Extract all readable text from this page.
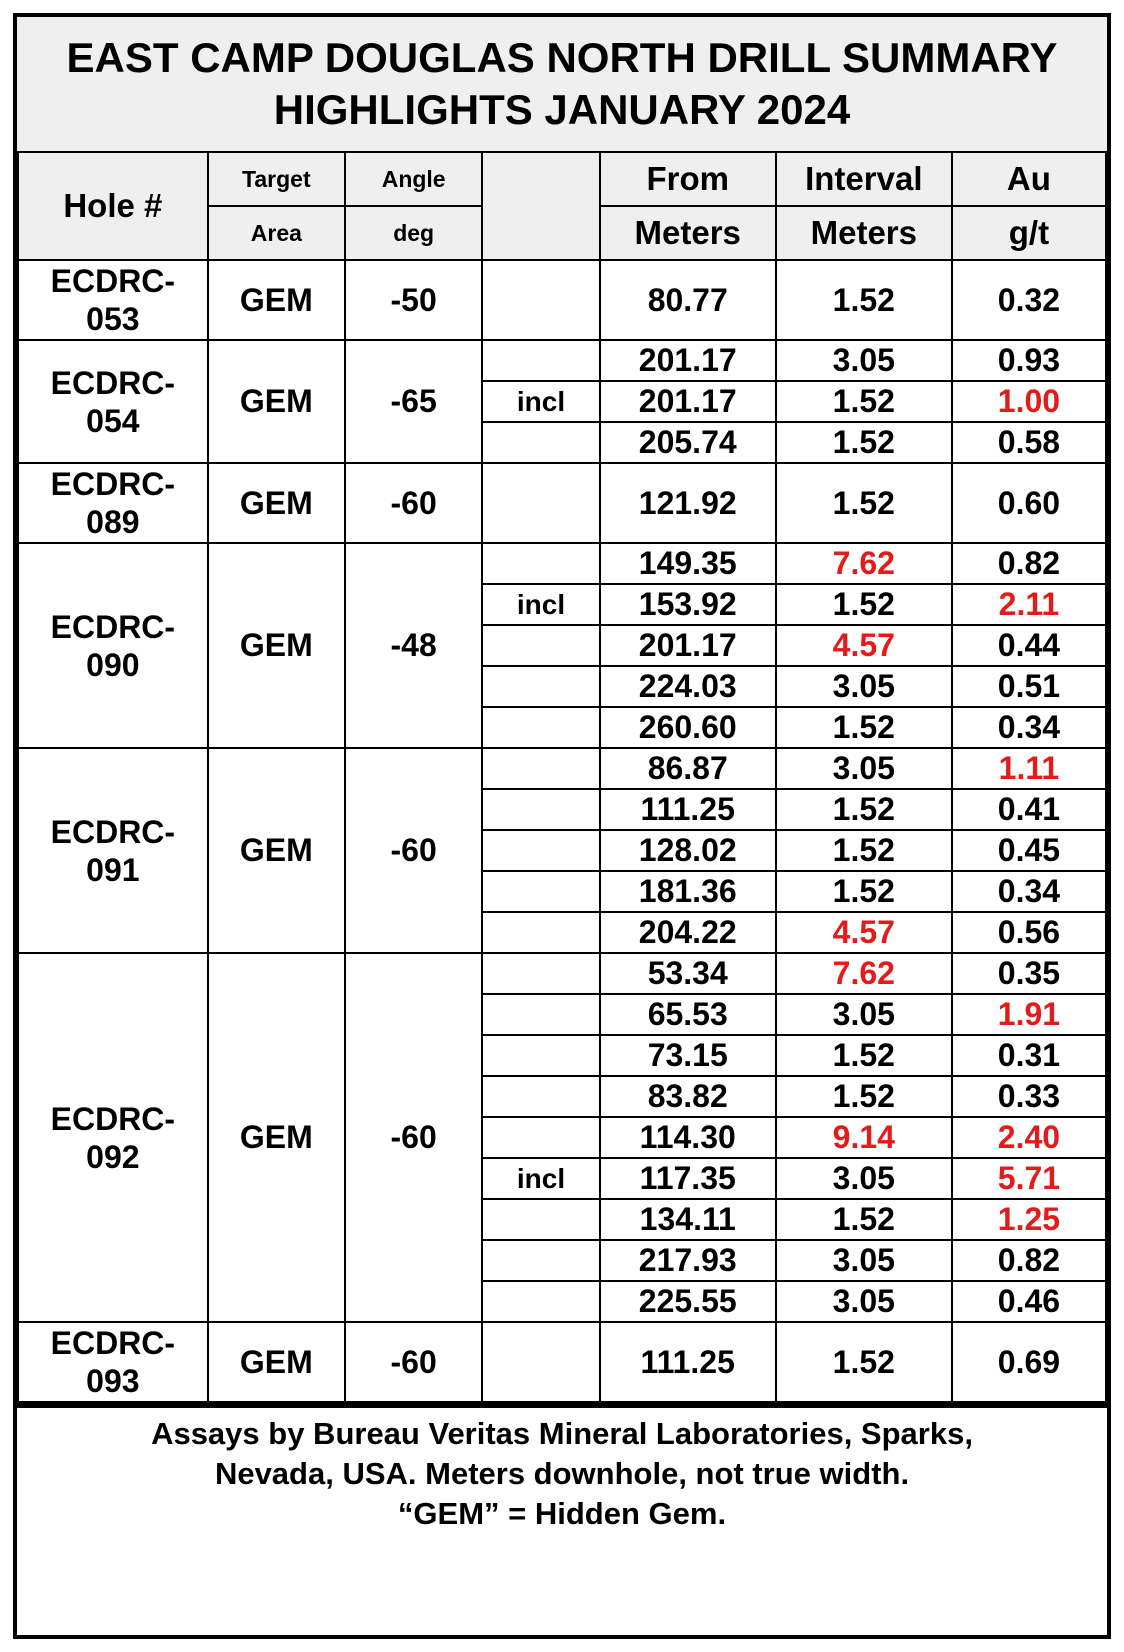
EAST CAMP DOUGLAS NORTH DRILL SUMMARY
HIGHLIGHTS JANUARY 2024
Hole #	Target	Angle		From	Interval	Au
	Area	deg		Meters	Meters	g/t

ECDRC-
053	GEM	-50		80.77	1.52	0.32

ECDRC-
054	GEM	-65		201.17	3.05	0.93
			incl	201.17	1.52	1.00
				205.74	1.52	0.58

ECDRC-
089	GEM	-60		121.92	1.52	0.60

ECDRC-
090	GEM	-48		149.35	7.62	0.82
			incl	153.92	1.52	2.11
				201.17	4.57	0.44
				224.03	3.05	0.51
				260.60	1.52	0.34

ECDRC-
091	GEM	-60		86.87	3.05	1.11
				111.25	1.52	0.41
				128.02	1.52	0.45
				181.36	1.52	0.34
				204.22	4.57	0.56

ECDRC-
092	GEM	-60		53.34	7.62	0.35
				65.53	3.05	1.91
				73.15	1.52	0.31
				83.82	1.52	0.33
				114.30	9.14	2.40
			incl	117.35	3.05	5.71
				134.11	1.52	1.25
				217.93	3.05	0.82
				225.55	3.05	0.46

ECDRC-
093	GEM	-60		111.25	1.52	0.69
Assays by Bureau Veritas Mineral Laboratories, Sparks,
Nevada, USA. Meters downhole, not true width.
“GEM” = Hidden Gem.
